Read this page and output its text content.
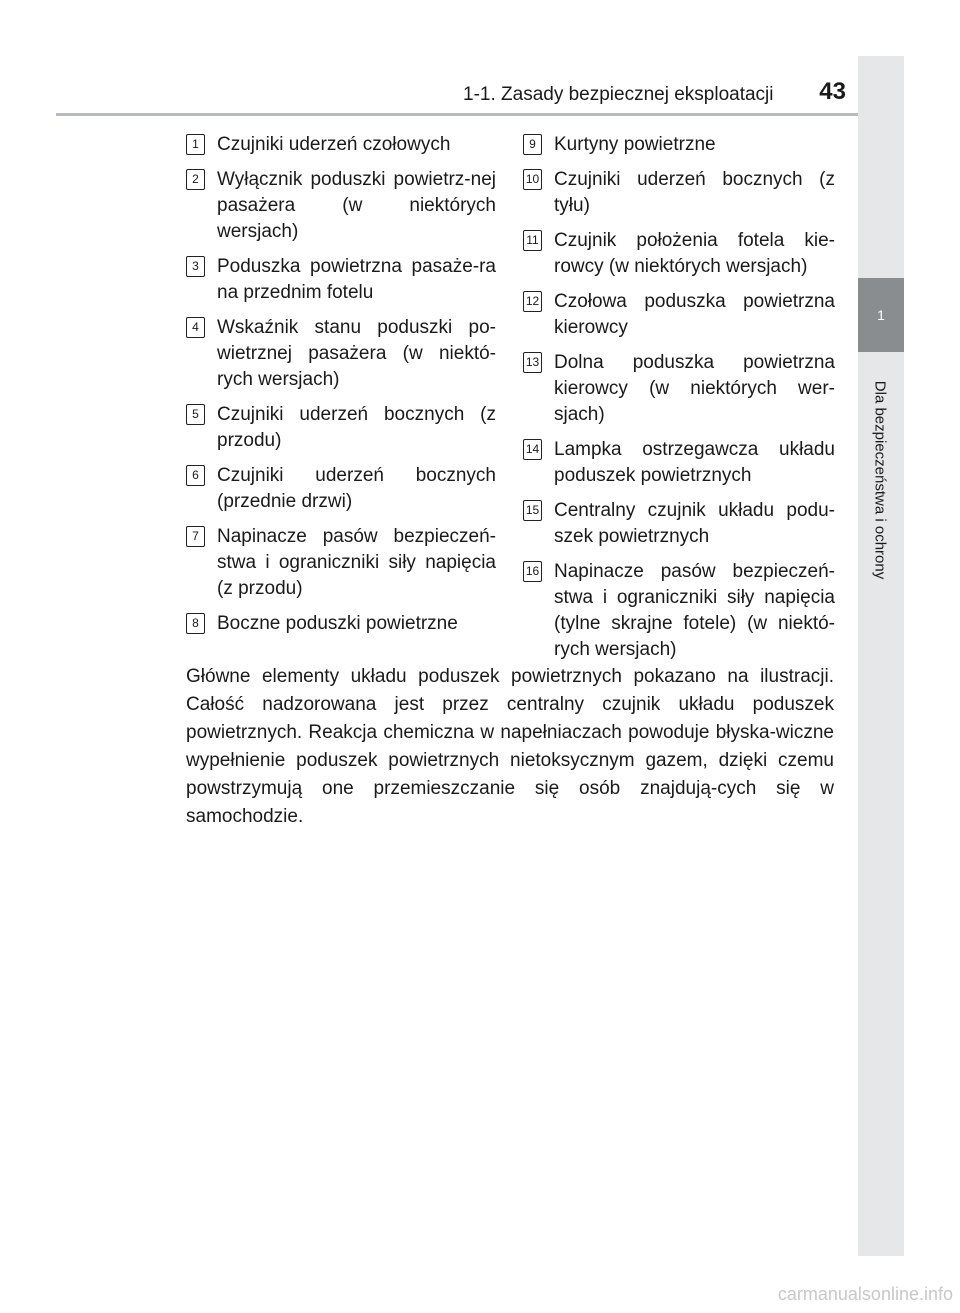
1-1. Zasady bezpiecznej eksploatacji	43
1
Dla bezpieczeństwa i ochrony
1 Czujniki uderzeń czołowych
2 Wyłącznik poduszki powietrz-nej pasażera (w niektórych wersjach)
3 Poduszka powietrzna pasaże-ra na przednim fotelu
4 Wskaźnik stanu poduszki po-wietrznej pasażera (w niektó-rych wersjach)
5 Czujniki uderzeń bocznych (z przodu)
6 Czujniki uderzeń bocznych (przednie drzwi)
7 Napinacze pasów bezpieczeń-stwa i ograniczniki siły napięcia (z przodu)
8 Boczne poduszki powietrzne
9 Kurtyny powietrzne
10 Czujniki uderzeń bocznych (z tyłu)
11 Czujnik położenia fotela kie-rowcy (w niektórych wersjach)
12 Czołowa poduszka powietrzna kierowcy
13 Dolna poduszka powietrzna kierowcy (w niektórych wer-sjach)
14 Lampka ostrzegawcza układu poduszek powietrznych
15 Centralny czujnik układu podu-szek powietrznych
16 Napinacze pasów bezpieczeń-stwa i ograniczniki siły napięcia (tylne skrajne fotele) (w niektó-rych wersjach)
Główne elementy układu poduszek powietrznych pokazano na ilustracji. Całość nadzorowana jest przez centralny czujnik układu poduszek powietrznych. Reakcja chemiczna w napełniaczach powoduje błyska-wiczne wypełnienie poduszek powietrznych nietoksycznym gazem, dzięki czemu powstrzymują one przemieszczanie się osób znajdują-cych się w samochodzie.
carmanualsonline.info
